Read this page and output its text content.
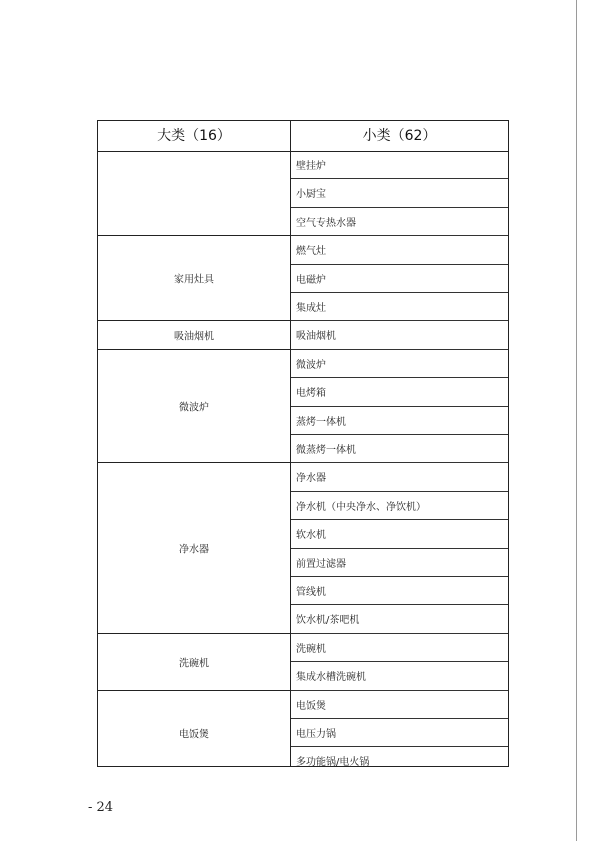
大类（16）	小类（62）
壁挂炉
小厨宝
空气专热水器
家用灶具
燃气灶
电磁炉
集成灶
吸油烟机	吸油烟机
微波炉
微波炉
电烤箱
蒸烤一体机
微蒸烤一体机
净水器
净水器
净水机（中央净水、净饮机）
软水机
前置过滤器
管线机
饮水机/茶吧机
洗碗机
洗碗机
集成水槽洗碗机
电饭煲
电饭煲
电压力锅
多功能锅/电火锅
- 24
